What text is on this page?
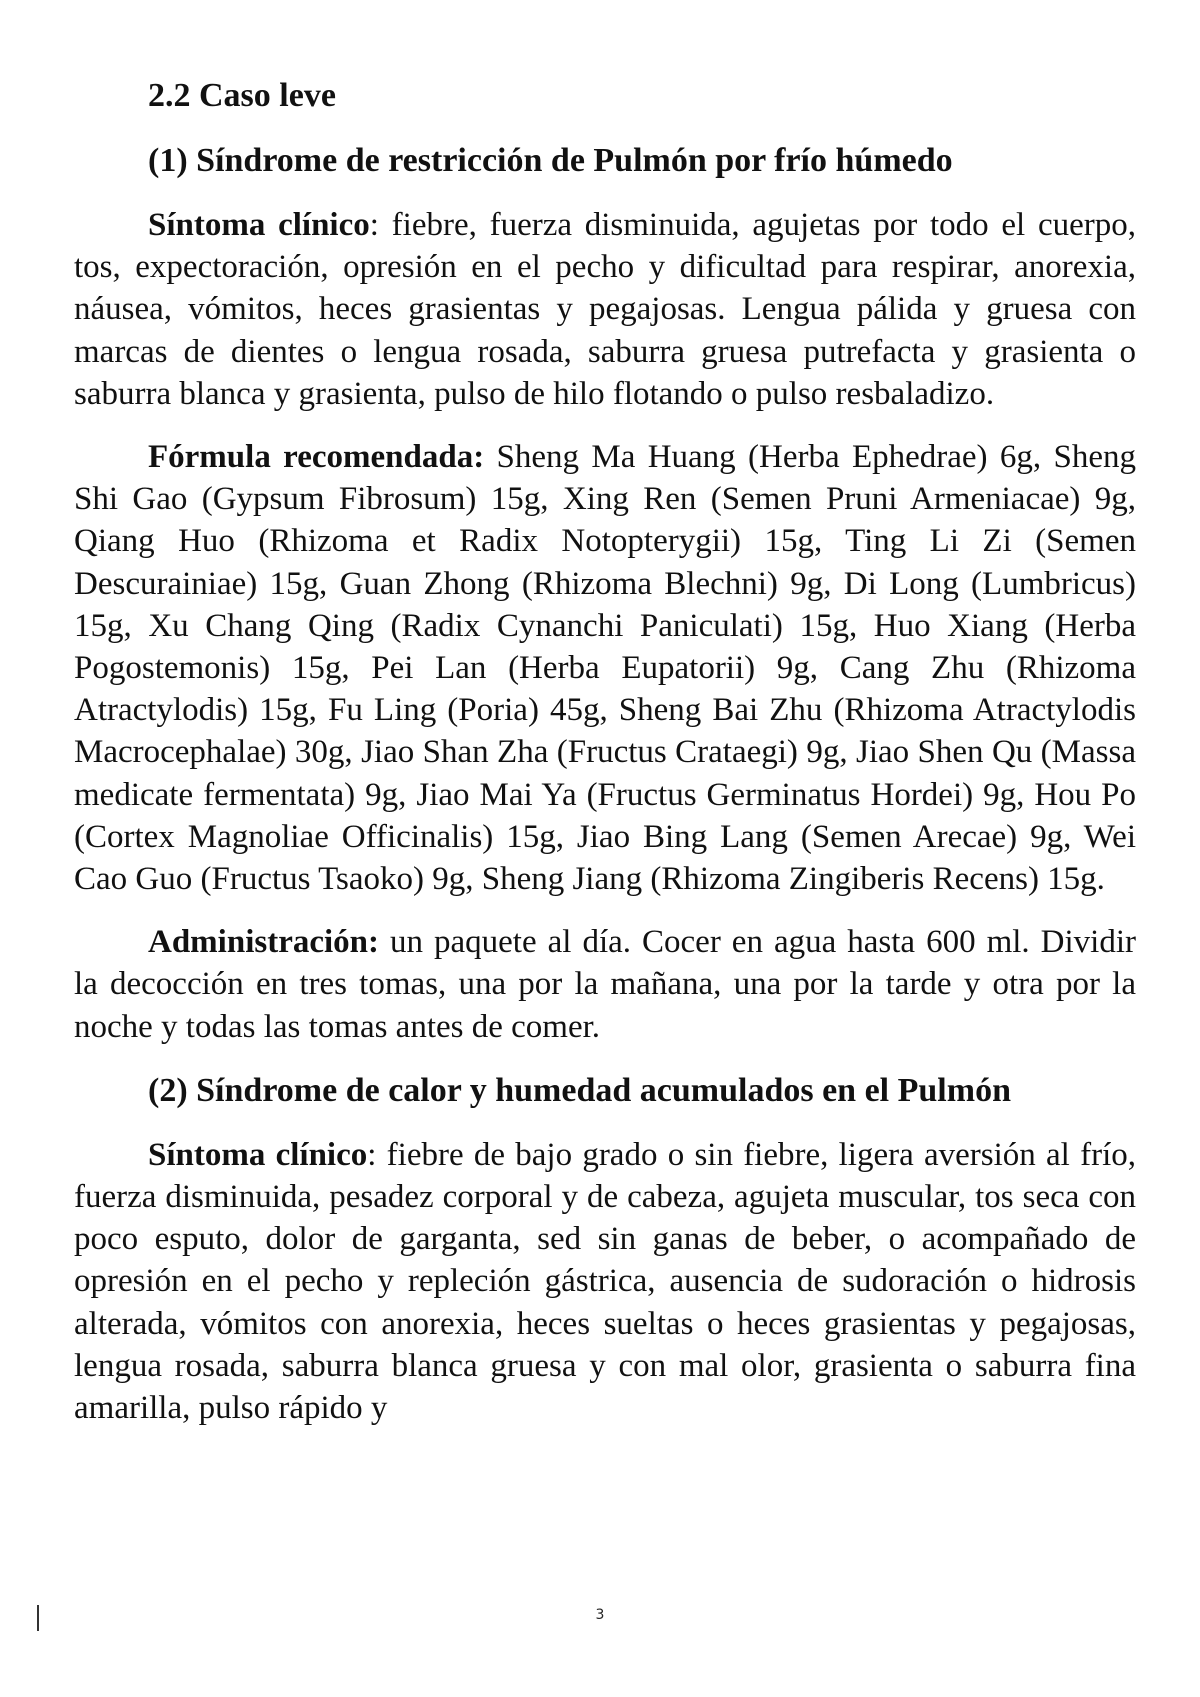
2.2 Caso leve
(1) Síndrome de restricción de Pulmón por frío húmedo

Síntoma clínico: fiebre, fuerza disminuida, agujetas por todo el cuerpo, tos, expectoración, opresión en el pecho y dificultad para respirar, anorexia, náusea, vómitos, heces grasientas y pegajosas. Lengua pálida y gruesa con marcas de dientes o lengua rosada, saburra gruesa putrefacta y grasienta o saburra blanca y grasienta, pulso de hilo flotando o pulso resbaladizo.

Fórmula recomendada: Sheng Ma Huang (Herba Ephedrae) 6g, Sheng Shi Gao (Gypsum Fibrosum) 15g, Xing Ren (Semen Pruni Armeniacae) 9g, Qiang Huo (Rhizoma et Radix Notopterygii) 15g, Ting Li Zi (Semen Descurainiae) 15g, Guan Zhong (Rhizoma Blechni) 9g, Di Long (Lumbricus) 15g, Xu Chang Qing (Radix Cynanchi Paniculati) 15g, Huo Xiang (Herba Pogostemonis) 15g, Pei Lan (Herba Eupatorii) 9g, Cang Zhu (Rhizoma Atractylodis) 15g, Fu Ling (Poria) 45g, Sheng Bai Zhu (Rhizoma Atractylodis Macrocephalae) 30g, Jiao Shan Zha (Fructus Crataegi) 9g, Jiao Shen Qu (Massa medicate fermentata) 9g, Jiao Mai Ya (Fructus Germinatus Hordei) 9g, Hou Po (Cortex Magnoliae Officinalis) 15g, Jiao Bing Lang (Semen Arecae) 9g, Wei Cao Guo (Fructus Tsaoko) 9g, Sheng Jiang (Rhizoma Zingiberis Recens) 15g.

Administración: un paquete al día. Cocer en agua hasta 600 ml. Dividir la decocción en tres tomas, una por la mañana, una por la tarde y otra por la noche y todas las tomas antes de comer.

(2) Síndrome de calor y humedad acumulados en el Pulmón

Síntoma clínico: fiebre de bajo grado o sin fiebre, ligera aversión al frío, fuerza disminuida, pesadez corporal y de cabeza, agujeta muscular, tos seca con poco esputo, dolor de garganta, sed sin ganas de beber, o acompañado de opresión en el pecho y repleción gástrica, ausencia de sudoración o hidrosis alterada, vómitos con anorexia, heces sueltas o heces grasientas y pegajosas, lengua rosada, saburra blanca gruesa y con mal olor, grasienta o saburra fina amarilla, pulso rápido y

3
